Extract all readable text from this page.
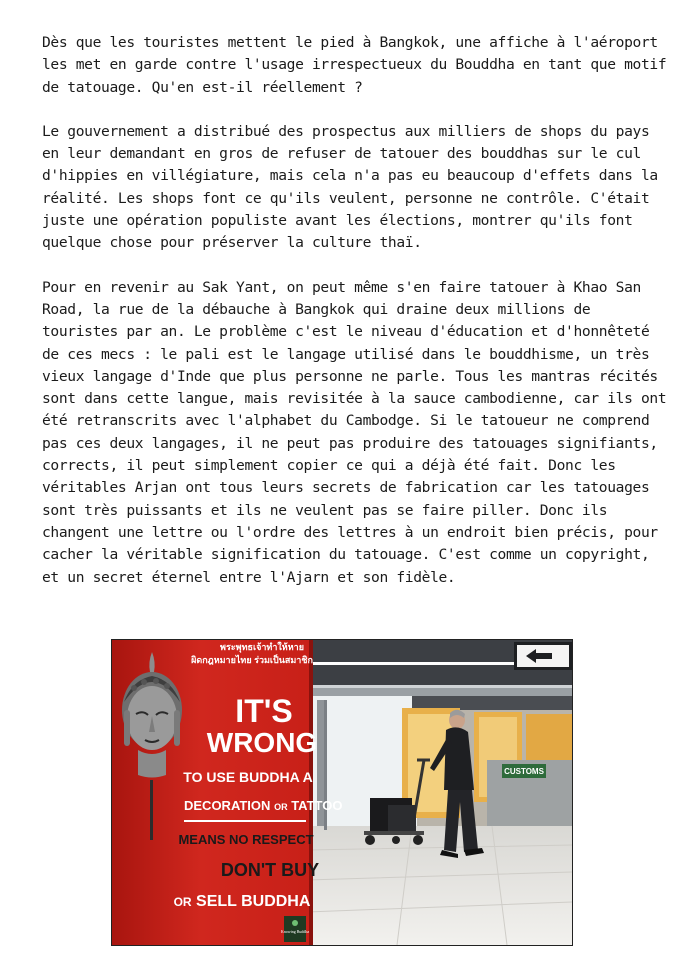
Dès que les touristes mettent le pied à Bangkok, une affiche à l'aéroport les met en garde contre l'usage irrespectueux du Bouddha en tant que motif de tatouage. Qu'en est-il réellement ?

Le gouvernement a distribué des prospectus aux milliers de shops du pays en leur demandant en gros de refuser de tatouer des bouddhas sur le cul d'hippies en villégiature, mais cela n'a pas eu beaucoup d'effets dans la réalité. Les shops font ce qu'ils veulent, personne ne contrôle. C'était juste une opération populiste avant les élections, montrer qu'ils font quelque chose pour préserver la culture thaï.

Pour en revenir au Sak Yant, on peut même s'en faire tatouer à Khao San Road, la rue de la débauche à Bangkok qui draine deux millions de touristes par an. Le problème c'est le niveau d'éducation et d'honnêteté de ces mecs : le pali est le langage utilisé dans le bouddhisme, un très vieux langage d'Inde que plus personne ne parle. Tous les mantras récités sont dans cette langue, mais revisitée à la sauce cambodienne, car ils ont été retranscrits avec l'alphabet du Cambodge. Si le tatoueur ne comprend pas ces deux langages, il ne peut pas produire des tatouages signifiants, corrects, il peut simplement copier ce qui a déjà été fait. Donc les véritables Arjan ont tous leurs secrets de fabrication car les tatouages sont très puissants et ils ne veulent pas se faire piller. Donc ils changent une lettre ou l'ordre des lettres à un endroit bien précis, pour cacher la véritable signification du tatouage. C'est comme un copyright, et un secret éternel entre l'Ajarn et son fidèle.

CUSTOMS
พระพุทธเจ้าทำให้หาย
ผิดกฎหมายไทย ร่วมเป็นสมาชิก
IT'S
WRONG
TO USE BUDDHA A
DECORATION OR TATTOO
MEANS NO RESPECT
DON'T BUY
OR SELL BUDDHA
Knowing Buddha
